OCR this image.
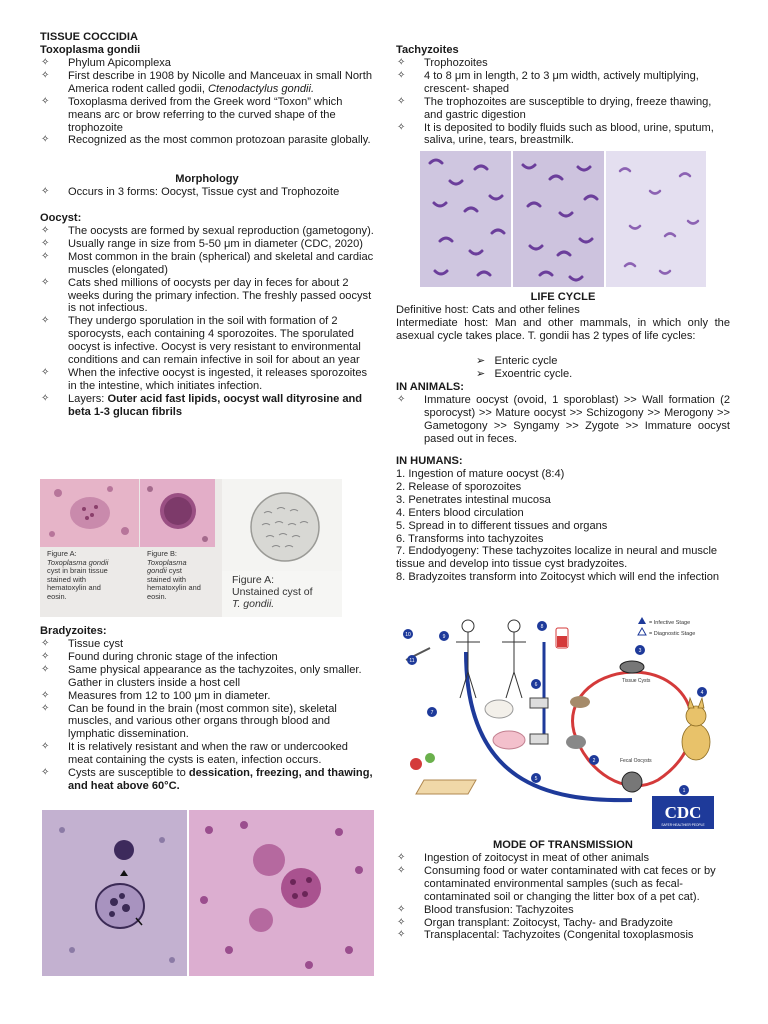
TISSUE COCCIDIA
Toxoplasma gondii
✧ Phylum Apicomplexa
✧ First describe in 1908 by Nicolle and Manceuax in small North America rodent called godii, Ctenodactylus gondii.
✧ Toxoplasma derived from the Greek word “Toxon” which means arc or brow referring to the curved shape of the trophozoite
✧ Recognized as the most common protozoan parasite globally.
Morphology
✧ Occurs in 3 forms: Oocyst, Tissue cyst and Trophozoite
Oocyst:
✧ The oocysts are formed by sexual reproduction (gametogony).
✧ Usually range in size from 5-50 μm in diameter (CDC, 2020)
✧ Most common in the brain (spherical) and skeletal and cardiac muscles (elongated)
✧ Cats shed millions of oocysts per day in feces for about 2 weeks during the primary infection. The freshly passed oocyst is not infectious.
✧ They undergo sporulation in the soil with formation of 2 sporocysts, each containing 4 sporozoites. The sporulated oocyst is infective. Oocyst is very resistant to environmental conditions and can remain infective in soil for about an year
✧ When the infective oocyst is ingested, it releases sporozoites in the intestine, which initiates infection.
✧ Layers: Outer acid fast lipids, oocyst wall dityrosine and beta 1-3 glucan fibrils
Figure A:
Toxoplasma gondii cyst in brain tissue stained with hematoxylin and eosin.
Figure B:
Toxoplasma gondii cyst stained with hematoxylin and eosin.
Figure A:
Unstained cyst of
T. gondii.
Bradyzoites:
✧ Tissue cyst
✧ Found during chronic stage of the infection
✧ Same physical appearance as the tachyzoites, only smaller. Gather in clusters inside a host cell
✧ Measures from 12 to 100 μm in diameter.
✧ Can be found in the brain (most common site), skeletal muscles, and various other organs through blood and lymphatic dissemination.
✧ It is relatively resistant and when the raw or undercooked meat containing the cysts is eaten, infection occurs.
✧ Cysts are susceptible to dessication, freezing, and thawing, and heat above 60°C.
Tachyzoites
✧ Trophozoites
✧ 4 to 8 μm in length, 2 to 3 μm width, actively multiplying, crescent- shaped
✧ The trophozoites are susceptible to drying, freeze thawing, and gastric digestion
✧ It is deposited to bodily fluids such as blood, urine, sputum, saliva, urine, tears, breastmilk.
LIFE CYCLE
Definitive host: Cats and other felines
Intermediate host: Man and other mammals, in which only the asexual cycle takes place. T. gondii has 2 types of life cycles:
➢   Enteric cycle
➢   Exoentric cycle.
IN ANIMALS:
✧ Immature oocyst (ovoid, 1 sporoblast) >> Wall formation (2 sporocyst) >> Mature oocyst >> Schizogony >> Merogony >> Gametogony >> Syngamy >> Zygote >> Immature oocyst pased out in feces.
IN HUMANS:
1. Ingestion of mature oocyst (8:4)
2. Release of sporozoites
3. Penetrates intestinal mucosa
4. Enters blood circulation
5. Spread in to different tissues and organs
6. Transforms into tachyzoites
7. Endodyogeny: These tachyzoites localize in neural and muscle tissue and develop into tissue cyst bradyzoites.
8. Bradyzoites transform into Zoitocyst which will end the infection
= Infective Stage
= Diagnostic Stage
Tissue Cysts
Fecal Oocysts
1
2
3
4
5
6
7
8
9
10
11
CDC
SAFER·HEALTHIER·PEOPLE
MODE OF TRANSMISSION
✧ Ingestion of zoitocyst in meat of other animals
✧ Consuming food or water contaminated with cat feces or by contaminated environmental samples (such as fecal-contaminated soil or changing the litter box of a pet cat).
✧ Blood transfusion: Tachyzoites
✧ Organ transplant: Zoitocyst, Tachy- and Bradyzoite
✧ Transplacental: Tachyzoites (Congenital toxoplasmosis
